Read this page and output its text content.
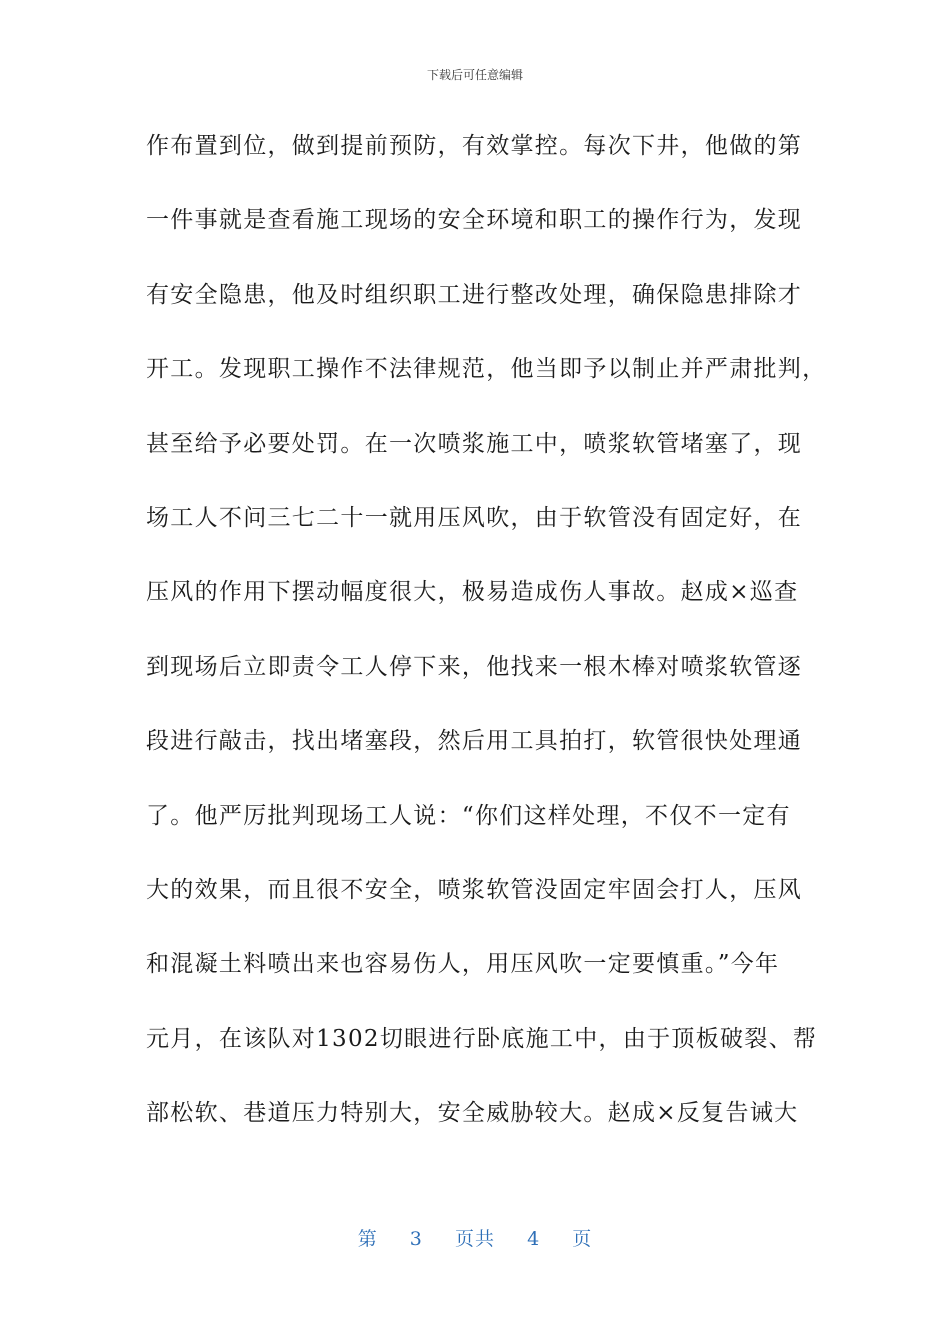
下载后可任意编辑
作布置到位，做到提前预防，有效掌控。每次下井，他做的第
一件事就是查看施工现场的安全环境和职工的操作行为，发现
有安全隐患，他及时组织职工进行整改处理，确保隐患排除才
开工。发现职工操作不法律规范，他当即予以制止并严肃批判，
甚至给予必要处罚。在一次喷浆施工中，喷浆软管堵塞了，现
场工人不问三七二十一就用压风吹，由于软管没有固定好，在
压风的作用下摆动幅度很大，极易造成伤人事故。赵成×巡查
到现场后立即责令工人停下来，他找来一根木棒对喷浆软管逐
段进行敲击，找出堵塞段，然后用工具拍打，软管很快处理通
了。他严厉批判现场工人说：“你们这样处理，不仅不一定有
大的效果，而且很不安全，喷浆软管没固定牢固会打人，压风
和混凝土料喷出来也容易伤人，用压风吹一定要慎重。”今年
元月，在该队对1302切眼进行卧底施工中，由于顶板破裂、帮
部松软、巷道压力特别大，安全威胁较大。赵成×反复告诫大
第 3 页共 4 页
